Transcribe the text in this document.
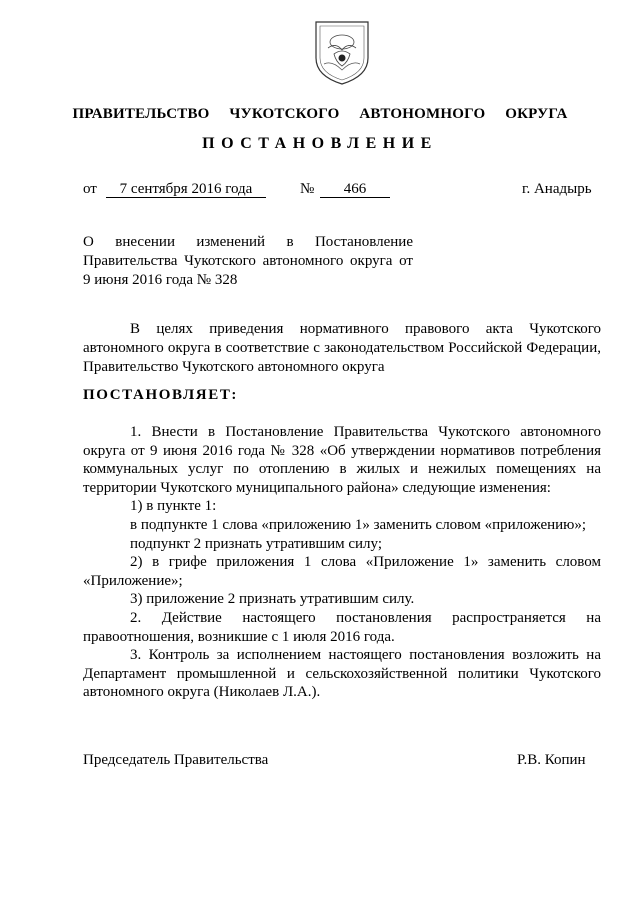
ПРАВИТЕЛЬСТВО  ЧУКОТСКОГО  АВТОНОМНОГО  ОКРУГА
ПОСТАНОВЛЕНИЕ
от	7 сентября 2016 года	№	466	г. Анадырь
О внесении изменений в Постановление
Правительства Чукотского автономного округа от
9 июня 2016 года № 328
В целях приведения нормативного правового акта Чукотского автономного округа в соответствие с законодательством Российской Федерации, Правительство Чукотского автономного округа
ПОСТАНОВЛЯЕТ:

1. Внести в Постановление Правительства Чукотского автономного округа от 9 июня 2016 года № 328 «Об утверждении нормативов потребления коммунальных услуг по отоплению в жилых и нежилых помещениях на территории Чукотского муниципального района» следующие изменения:

1) в пункте 1:

в подпункте 1 слова «приложению 1» заменить словом «приложению»;

подпункт 2 признать утратившим силу;

2) в грифе приложения 1 слова «Приложение 1» заменить словом «Приложение»;

3) приложение 2 признать утратившим силу.

2. Действие настоящего постановления распространяется на правоотношения, возникшие с 1 июля 2016 года.

3. Контроль за исполнением настоящего постановления возложить на Департамент промышленной и сельскохозяйственной политики Чукотского автономного округа (Николаев Л.А.).

Председатель Правительства	Р.В. Копин
